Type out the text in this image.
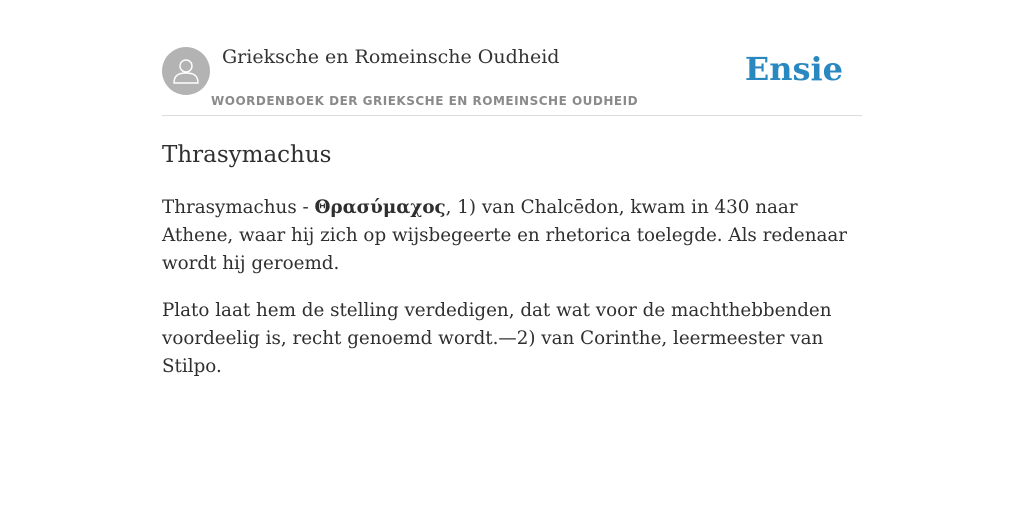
Grieksche en Romeinsche Oudheid
WOORDENBOEK DER GRIEKSCHE EN ROMEINSCHE OUDHEID
Ensie
Thrasymachus

Thrasymachus - Θρασύμαχος, 1) van Chalcēdon, kwam in 430 naar Athene, waar hij zich op wijsbegeerte en rhetorica toelegde. Als redenaar wordt hij geroemd.

Plato laat hem de stelling verdedigen, dat wat voor de machthebbenden voordeelig is, recht genoemd wordt.—2) van Corinthe, leermeester van Stilpo.
